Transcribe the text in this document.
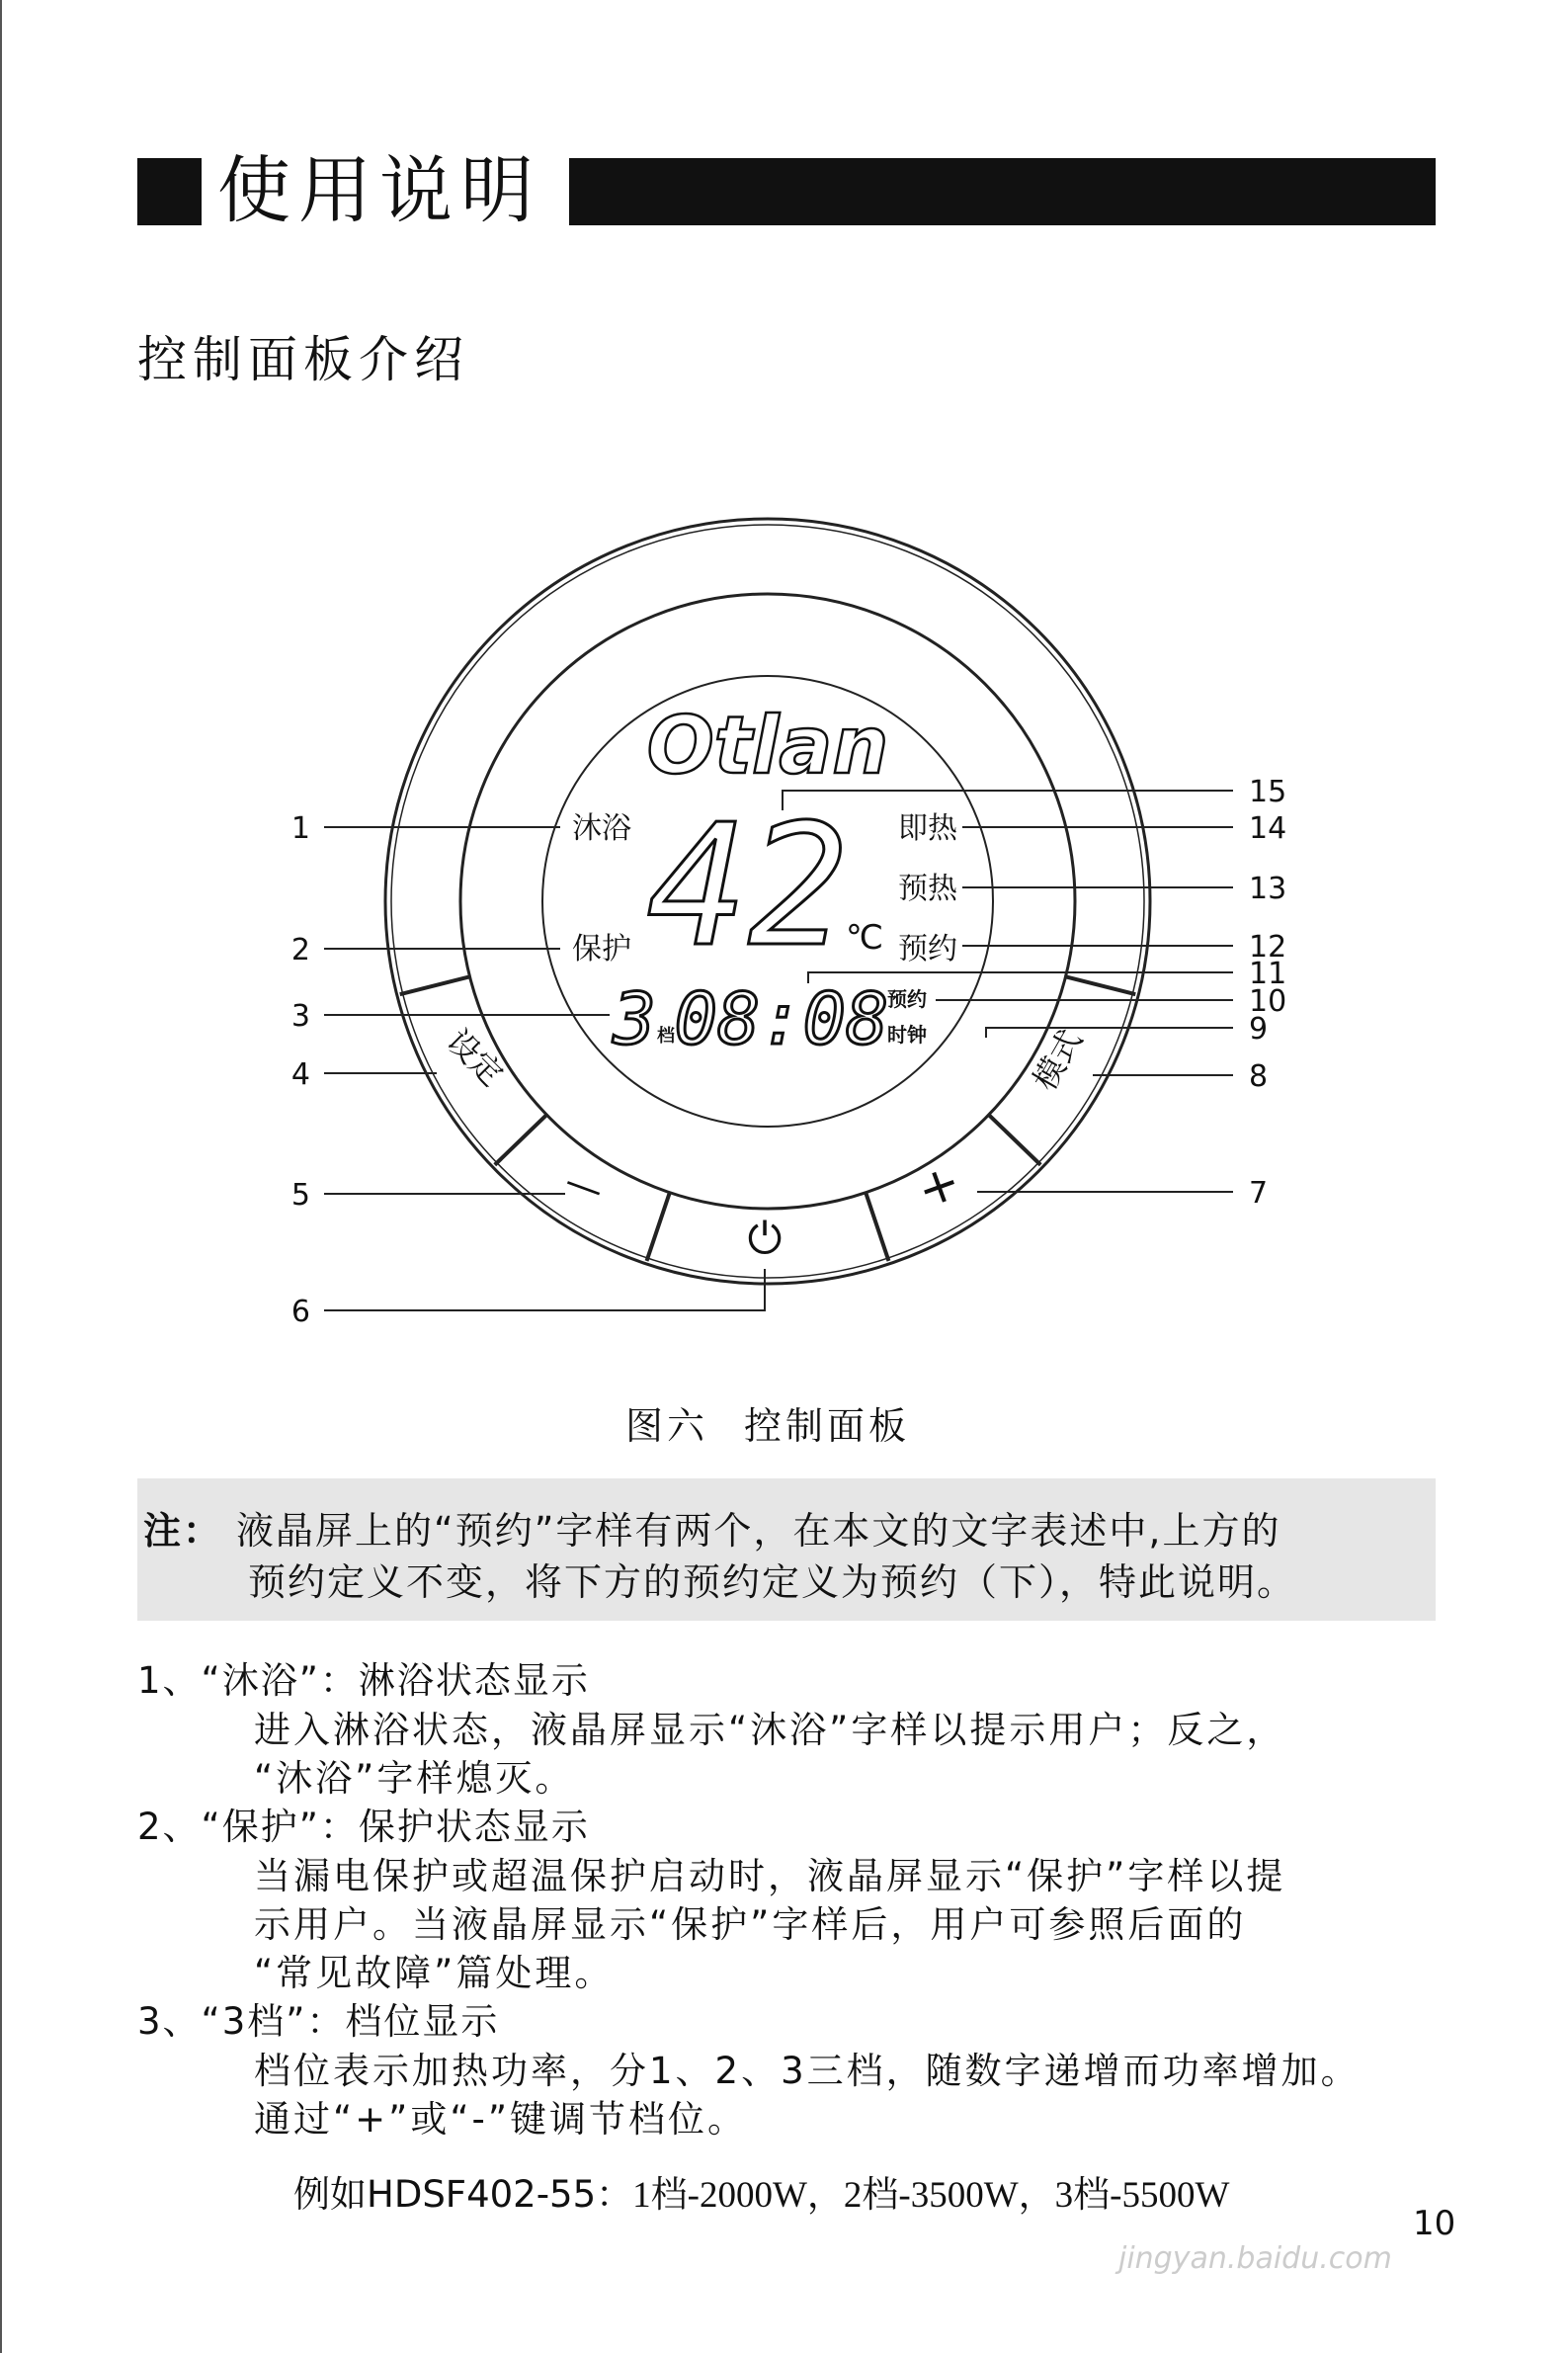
使用说明
控制面板介绍
Otlan
沐浴
保护
即热
预热
预约
预约
时钟
档
℃
42
3 08:08
设定
—
⏻
+
模式
1
2
3
4
5
6
15
14
13
12
11
10
9
8
7
图六 控制面板
注： 液晶屏上的“预约”字样有两个，在本文的文字表述中,上方的
预约定义不变，将下方的预约定义为预约（下），特此说明。
1、“沐浴”：淋浴状态显示
进入淋浴状态，液晶屏显示“沐浴”字样以提示用户；反之，
“沐浴”字样熄灭。
2、“保护”：保护状态显示
当漏电保护或超温保护启动时，液晶屏显示“保护”字样以提
示用户。当液晶屏显示“保护”字样后，用户可参照后面的
“常见故障”篇处理。
3、“3档”：档位显示
档位表示加热功率，分1、2、3三档，随数字递增而功率增加。
通过“+”或“-”键调节档位。
例如HDSF402-55：1档-2000W，2档-3500W，3档-5500W
10
jingyan.baidu.com
